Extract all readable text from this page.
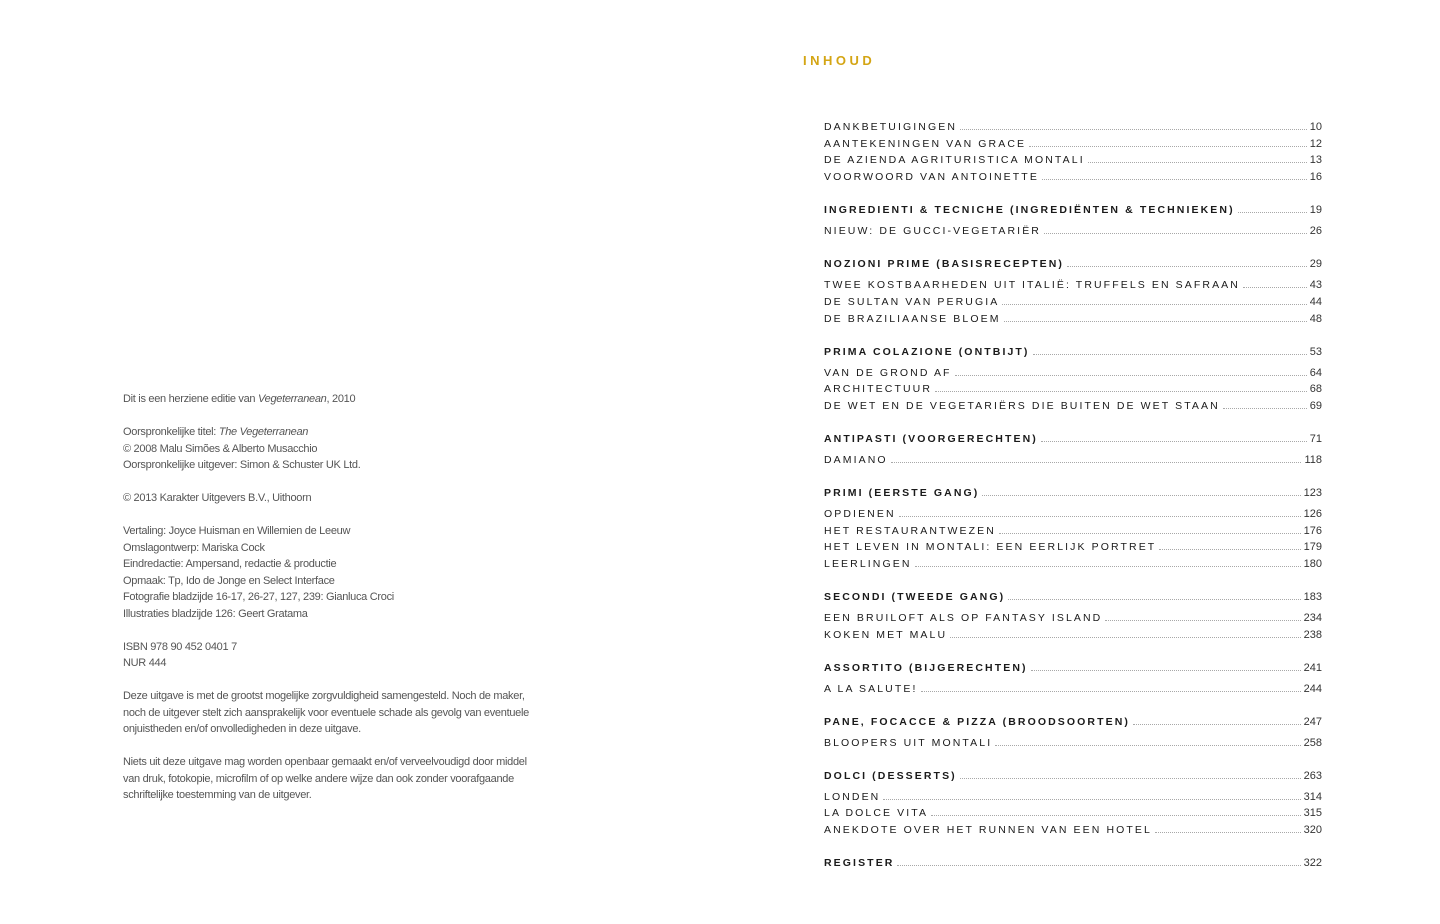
Dit is een herziene editie van Vegeterranean, 2010
Oorspronkelijke titel: The Vegeterranean
© 2008 Malu Simões & Alberto Musacchio
Oorspronkelijke uitgever: Simon & Schuster UK Ltd.
© 2013 Karakter Uitgevers B.V., Uithoorn
Vertaling: Joyce Huisman en Willemien de Leeuw
Omslagontwerp: Mariska Cock
Eindredactie: Ampersand, redactie & productie
Opmaak: Tp, Ido de Jonge en Select Interface
Fotografie bladzijde 16-17, 26-27, 127, 239: Gianluca Croci
Illustraties bladzijde 126: Geert Gratama
ISBN 978 90 452 0401 7
NUR 444
Deze uitgave is met de grootst mogelijke zorgvuldigheid samengesteld. Noch de maker,
noch de uitgever stelt zich aansprakelijk voor eventuele schade als gevolg van eventuele
onjuistheden en/of onvolledigheden in deze uitgave.
Niets uit deze uitgave mag worden openbaar gemaakt en/of verveelvoudigd door middel
van druk, fotokopie, microfilm of op welke andere wijze dan ook zonder voorafgaande
schriftelijke toestemming van de uitgever.
INHOUD
DANKBETUIGINGEN	10
AANTEKENINGEN VAN GRACE	12
DE AZIENDA AGRITURISTICA MONTALI	13
VOORWOORD VAN ANTOINETTE	16
INGREDIENTI & TECNICHE (INGREDIËNTEN & TECHNIEKEN)	19
NIEUW: DE GUCCI-VEGETARIËR	26
NOZIONI PRIME (BASISRECEPTEN)	29
TWEE KOSTBAARHEDEN UIT ITALIË: TRUFFELS EN SAFRAAN	43
DE SULTAN VAN PERUGIA	44
DE BRAZILIAANSE BLOEM	48
PRIMA COLAZIONE (ONTBIJT)	53
VAN DE GROND AF	64
ARCHITECTUUR	68
DE WET EN DE VEGETARIËRS DIE BUITEN DE WET STAAN	69
ANTIPASTI (VOORGERECHTEN)	71
DAMIANO	118
PRIMI (EERSTE GANG)	123
OPDIENEN	126
HET RESTAURANTWEZEN	176
HET LEVEN IN MONTALI: EEN EERLIJK PORTRET	179
LEERLINGEN	180
SECONDI (TWEEDE GANG)	183
EEN BRUILOFT ALS OP FANTASY ISLAND	234
KOKEN MET MALU	238
ASSORTITO (BIJGERECHTEN)	241
A LA SALUTE!	244
PANE, FOCACCE & PIZZA (BROODSOORTEN)	247
BLOOPERS UIT MONTALI	258
DOLCI (DESSERTS)	263
LONDEN	314
LA DOLCE VITA	315
ANEKDOTE OVER HET RUNNEN VAN EEN HOTEL	320
REGISTER	322
